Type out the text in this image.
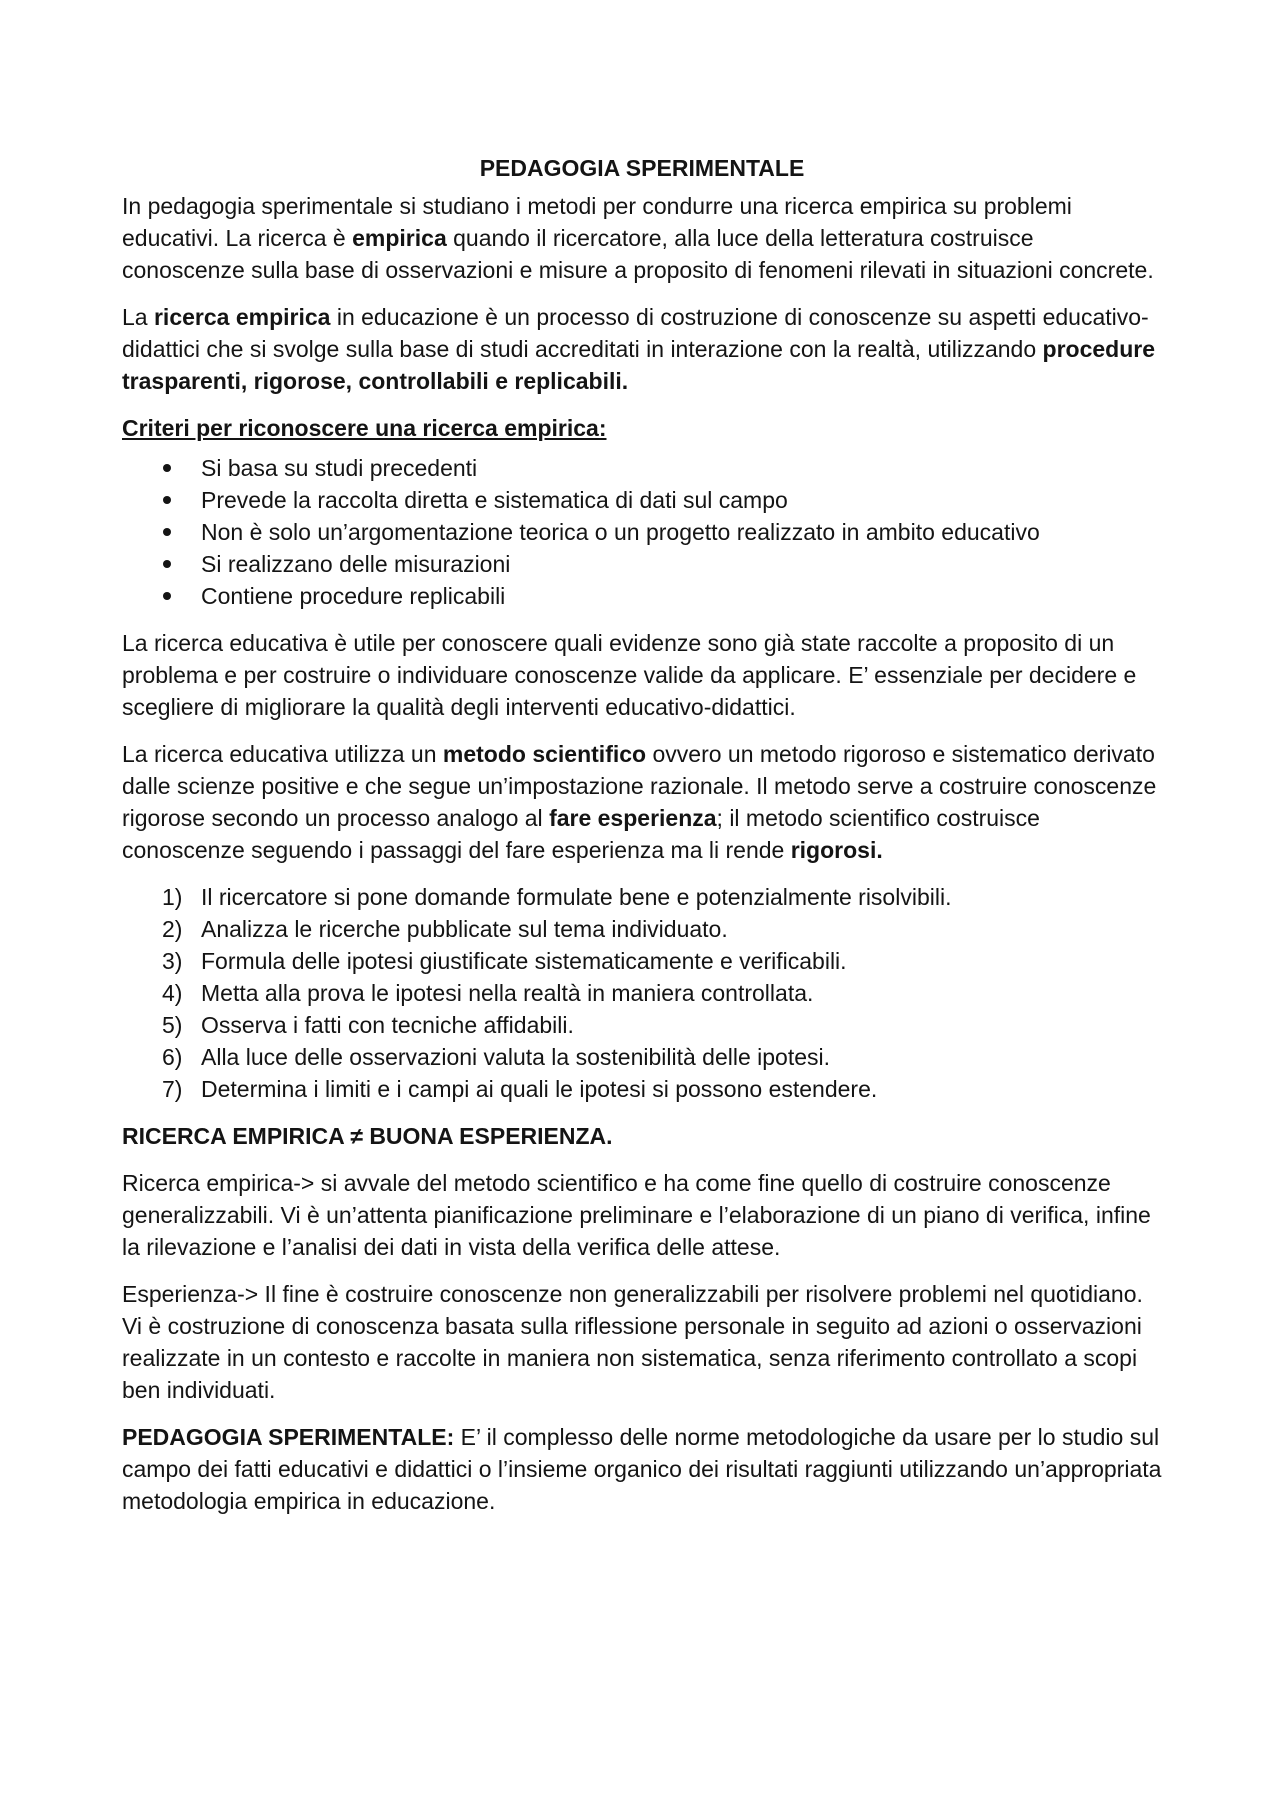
PEDAGOGIA SPERIMENTALE

In pedagogia sperimentale si studiano i metodi per condurre una ricerca empirica su problemi educativi. La ricerca è empirica quando il ricercatore, alla luce della letteratura costruisce conoscenze sulla base di osservazioni e misure a proposito di fenomeni rilevati in situazioni concrete.

La ricerca empirica in educazione è un processo di costruzione di conoscenze su aspetti educativo-didattici che si svolge sulla base di studi accreditati in interazione con la realtà, utilizzando procedure trasparenti, rigorose, controllabili e replicabili.

Criteri per riconoscere una ricerca empirica:

Si basa su studi precedenti
Prevede la raccolta diretta e sistematica di dati sul campo
Non è solo un’argomentazione teorica o un progetto realizzato in ambito educativo
Si realizzano delle misurazioni
Contiene procedure replicabili

La ricerca educativa è utile per conoscere quali evidenze sono già state raccolte a proposito di un problema e per costruire o individuare conoscenze valide da applicare. E’ essenziale per decidere e scegliere di migliorare la qualità degli interventi educativo-didattici.

La ricerca educativa utilizza un metodo scientifico ovvero un metodo rigoroso e sistematico derivato dalle scienze positive e che segue un’impostazione razionale. Il metodo serve a costruire conoscenze rigorose secondo un processo analogo al fare esperienza; il metodo scientifico costruisce conoscenze seguendo i passaggi del fare esperienza ma li rende rigorosi.

1) Il ricercatore si pone domande formulate bene e potenzialmente risolvibili.
2) Analizza le ricerche pubblicate sul tema individuato.
3) Formula delle ipotesi giustificate sistematicamente e verificabili.
4) Metta alla prova le ipotesi nella realtà in maniera controllata.
5) Osserva i fatti con tecniche affidabili.
6) Alla luce delle osservazioni valuta la sostenibilità delle ipotesi.
7) Determina i limiti e i campi ai quali le ipotesi si possono estendere.

RICERCA EMPIRICA ≠ BUONA ESPERIENZA.

Ricerca empirica-> si avvale del metodo scientifico e ha come fine quello di costruire conoscenze generalizzabili. Vi è un’attenta pianificazione preliminare e l’elaborazione di un piano di verifica, infine la rilevazione e l’analisi dei dati in vista della verifica delle attese.

Esperienza-> Il fine è costruire conoscenze non generalizzabili per risolvere problemi nel quotidiano. Vi è costruzione di conoscenza basata sulla riflessione personale in seguito ad azioni o osservazioni realizzate in un contesto e raccolte in maniera non sistematica, senza riferimento controllato a scopi ben individuati.

PEDAGOGIA SPERIMENTALE: E’ il complesso delle norme metodologiche da usare per lo studio sul campo dei fatti educativi e didattici o l’insieme organico dei risultati raggiunti utilizzando un’appropriata metodologia empirica in educazione.
